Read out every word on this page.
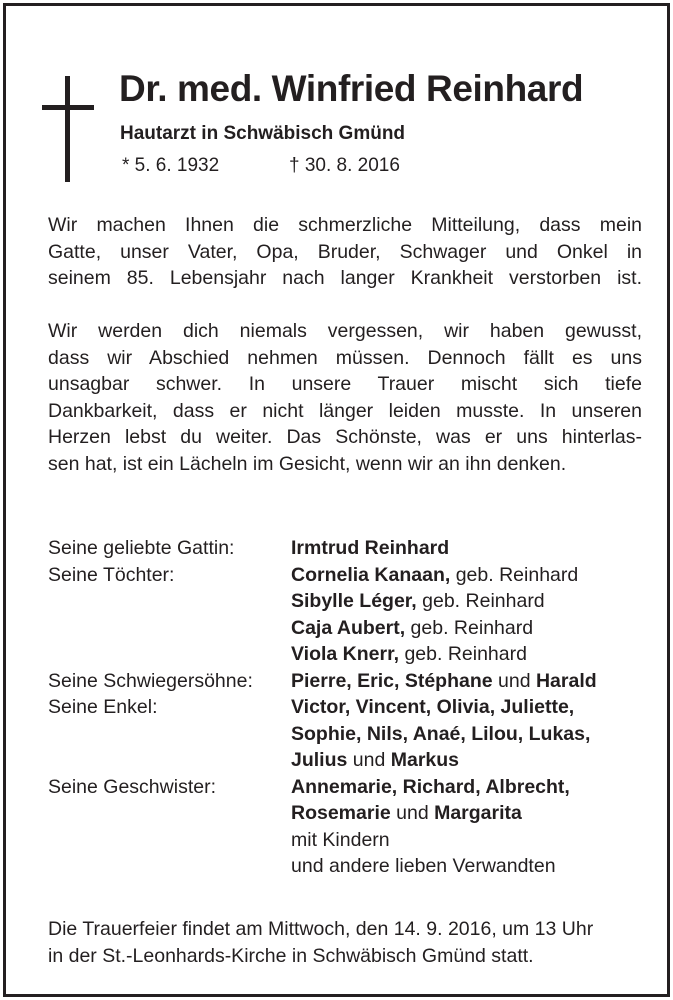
Dr. med. Winfried Reinhard
Hautarzt in Schwäbisch Gmünd
* 5. 6. 1932	† 30. 8. 2016
Wir machen Ihnen die schmerzliche Mitteilung, dass mein
Gatte, unser Vater, Opa, Bruder, Schwager und Onkel in
seinem 85. Lebensjahr nach langer Krankheit verstorben ist.
Wir werden dich niemals vergessen, wir haben gewusst,
dass wir Abschied nehmen müssen. Dennoch fällt es uns
unsagbar schwer. In unsere Trauer mischt sich tiefe
Dankbarkeit, dass er nicht länger leiden musste. In unseren
Herzen lebst du weiter. Das Schönste, was er uns hinterlas-
sen hat, ist ein Lächeln im Gesicht, wenn wir an ihn denken.
Seine geliebte Gattin:	Irmtrud Reinhard
Seine Töchter:	Cornelia Kanaan, geb. Reinhard
Sibylle Léger, geb. Reinhard
Caja Aubert, geb. Reinhard
Viola Knerr, geb. Reinhard
Seine Schwiegersöhne: Pierre, Eric, Stéphane und Harald
Seine Enkel:	Victor, Vincent, Olivia, Juliette,
Sophie, Nils, Anaé, Lilou, Lukas,
Julius und Markus
Seine Geschwister:	Annemarie, Richard, Albrecht,
Rosemarie und Margarita
mit Kindern
und andere lieben Verwandten
Die Trauerfeier findet am Mittwoch, den 14. 9. 2016, um 13 Uhr
in der St.-Leonhards-Kirche in Schwäbisch Gmünd statt.
